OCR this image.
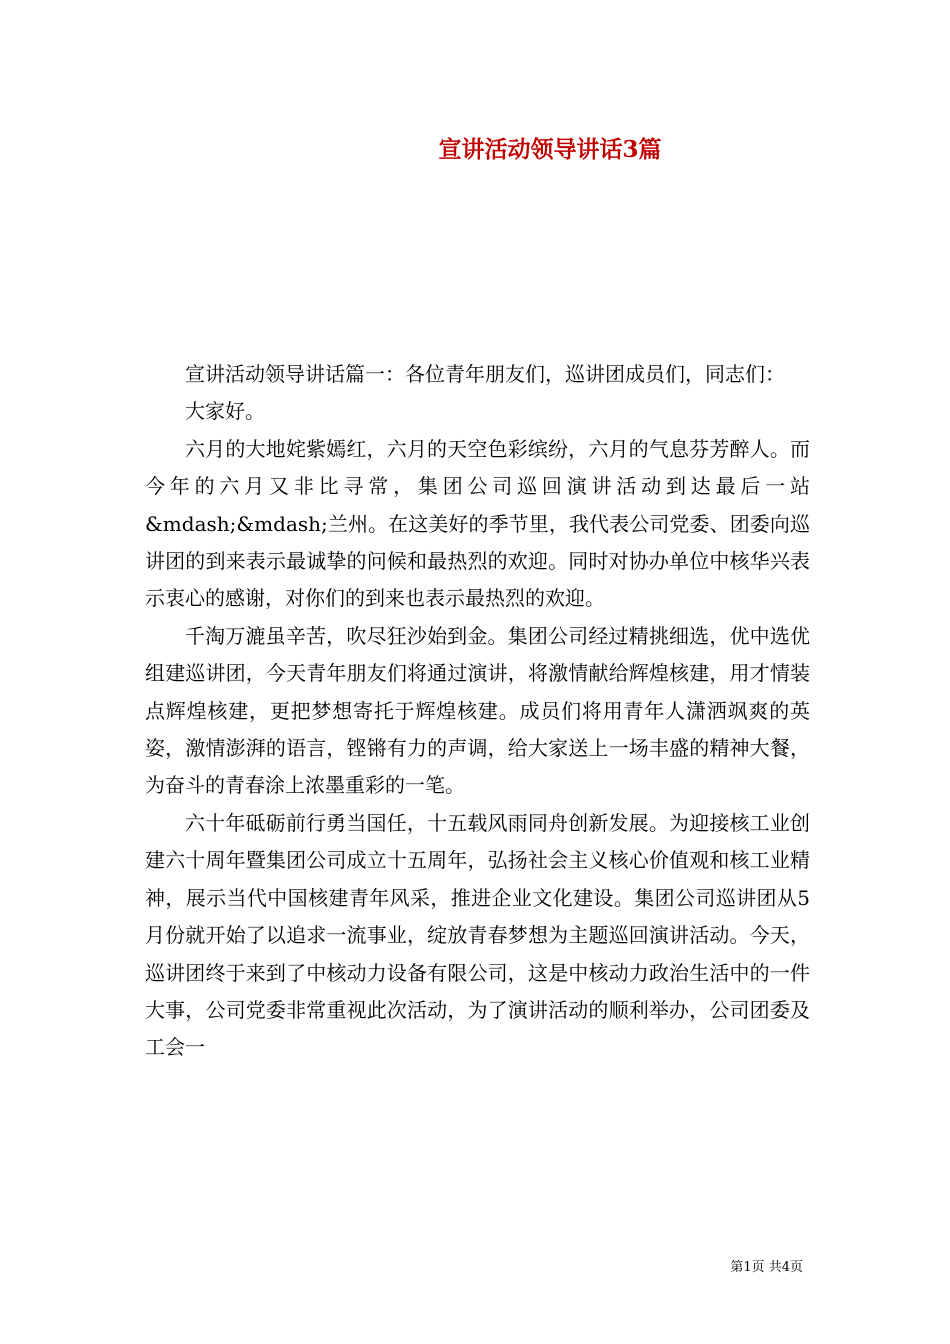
宣讲活动领导讲话3篇

宣讲活动领导讲话篇一：各位青年朋友们，巡讲团成员们，同志们：

大家好。

六月的大地姹紫嫣红，六月的天空色彩缤纷，六月的气息芬芳醉人。而今年的六月又非比寻常，集团公司巡回演讲活动到达最后一站&mdash;&mdash;兰州。在这美好的季节里，我代表公司党委、团委向巡讲团的到来表示最诚挚的问候和最热烈的欢迎。同时对协办单位中核华兴表示衷心的感谢，对你们的到来也表示最热烈的欢迎。

千淘万漉虽辛苦，吹尽狂沙始到金。集团公司经过精挑细选，优中选优组建巡讲团，今天青年朋友们将通过演讲，将激情献给辉煌核建，用才情装点辉煌核建，更把梦想寄托于辉煌核建。成员们将用青年人潇洒飒爽的英姿，激情澎湃的语言，铿锵有力的声调，给大家送上一场丰盛的精神大餐，为奋斗的青春涂上浓墨重彩的一笔。

六十年砥砺前行勇当国任，十五载风雨同舟创新发展。为迎接核工业创建六十周年暨集团公司成立十五周年，弘扬社会主义核心价值观和核工业精神，展示当代中国核建青年风采，推进企业文化建设。集团公司巡讲团从5月份就开始了以追求一流事业，绽放青春梦想为主题巡回演讲活动。今天，巡讲团终于来到了中核动力设备有限公司，这是中核动力政治生活中的一件大事，公司党委非常重视此次活动，为了演讲活动的顺利举办，公司团委及工会一

第1页 共4页
